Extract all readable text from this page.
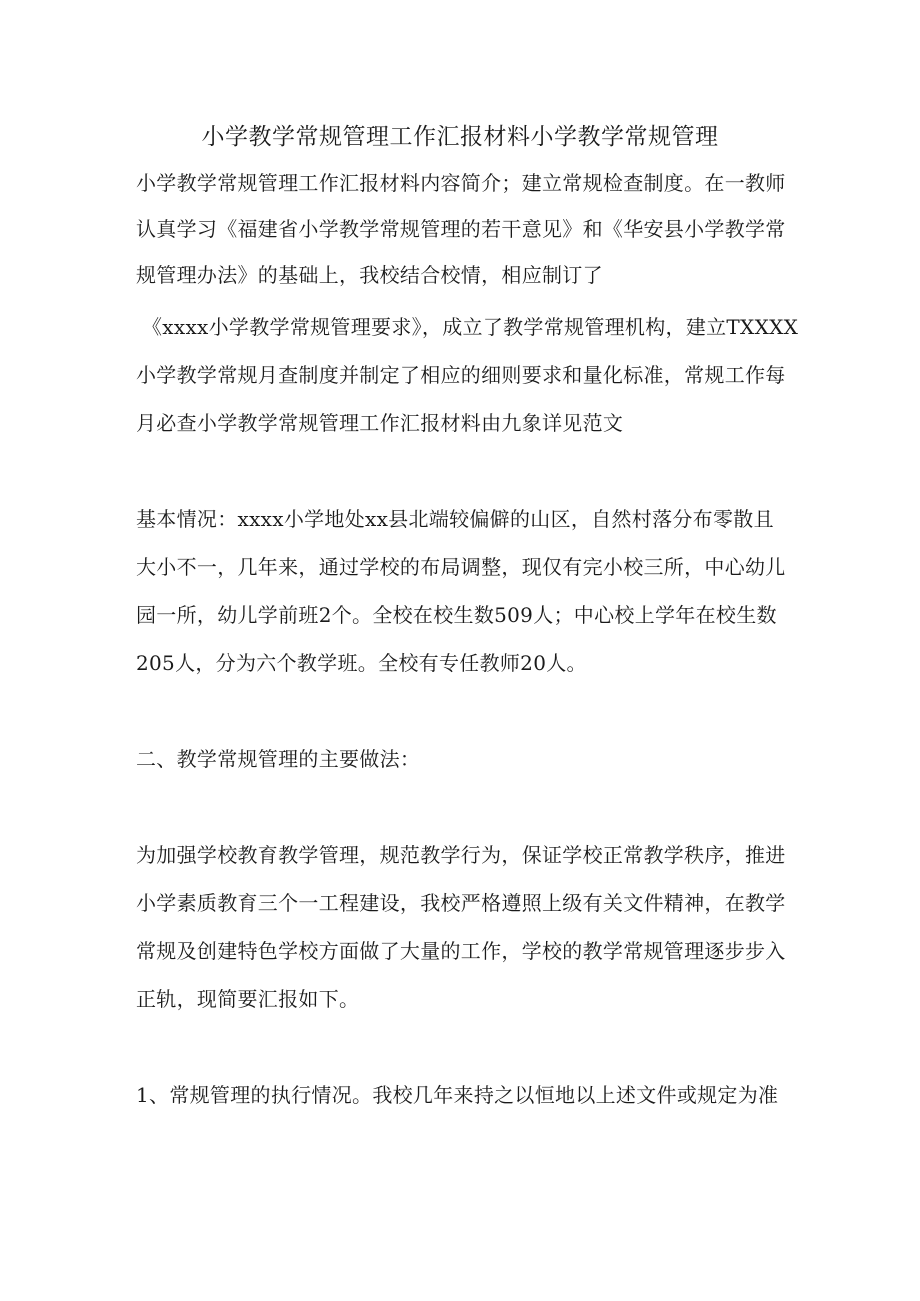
小学教学常规管理工作汇报材料小学教学常规管理
小学教学常规管理工作汇报材料内容简介；建立常规检查制度。在一教师
认真学习《福建省小学教学常规管理的若干意见》和《华安县小学教学常
规管理办法》的基础上，我校结合校情，相应制订了
《xxxx小学教学常规管理要求》，成立了教学常规管理机构，建立TXXXX
小学教学常规月查制度并制定了相应的细则要求和量化标准，常规工作每
月必查小学教学常规管理工作汇报材料由九象详见范文
基本情况：xxxx小学地处xx县北端较偏僻的山区，自然村落分布零散且
大小不一，几年来，通过学校的布局调整，现仅有完小校三所，中心幼儿
园一所，幼儿学前班2个。全校在校生数509人；中心校上学年在校生数
205人，分为六个教学班。全校有专任教师20人。
二、教学常规管理的主要做法：
为加强学校教育教学管理，规范教学行为，保证学校正常教学秩序，推进
小学素质教育三个一工程建设，我校严格遵照上级有关文件精神，在教学
常规及创建特色学校方面做了大量的工作，学校的教学常规管理逐步步入
正轨，现简要汇报如下。
1、常规管理的执行情况。我校几年来持之以恒地以上述文件或规定为准
